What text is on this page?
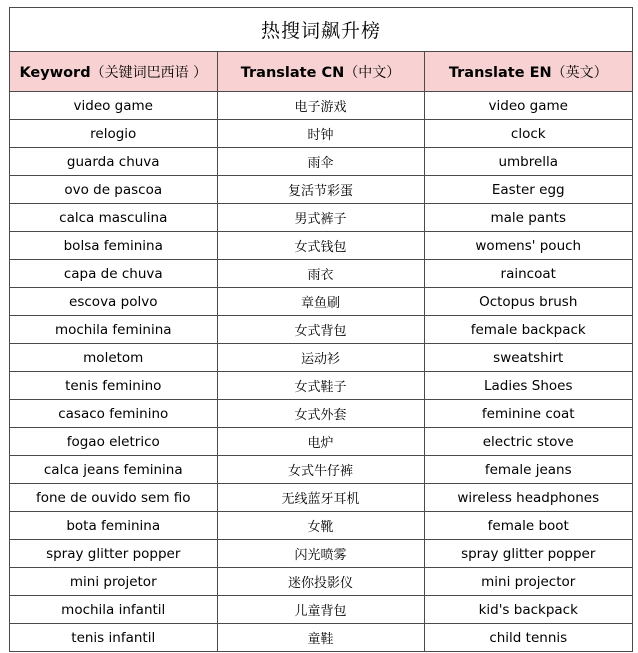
热搜词飙升榜
Keyword（关键词巴西语 ）	Translate CN（中文）	Translate EN（英文）
video game	电子游戏	video game
relogio	时钟	clock
guarda chuva	雨伞	umbrella
ovo de pascoa	复活节彩蛋	Easter egg
calca masculina	男式裤子	male pants
bolsa feminina	女式钱包	womens' pouch
capa de chuva	雨衣	raincoat
escova polvo	章鱼刷	Octopus brush
mochila feminina	女式背包	female backpack
moletom	运动衫	sweatshirt
tenis feminino	女式鞋子	Ladies Shoes
casaco feminino	女式外套	feminine coat
fogao eletrico	电炉	electric stove
calca jeans feminina	女式牛仔裤	female jeans
fone de ouvido sem fio	无线蓝牙耳机	wireless headphones
bota feminina	女靴	female boot
spray glitter popper	闪光喷雾	spray glitter popper
mini projetor	迷你投影仪	mini projector
mochila infantil	儿童背包	kid's backpack
tenis infantil	童鞋	child tennis
